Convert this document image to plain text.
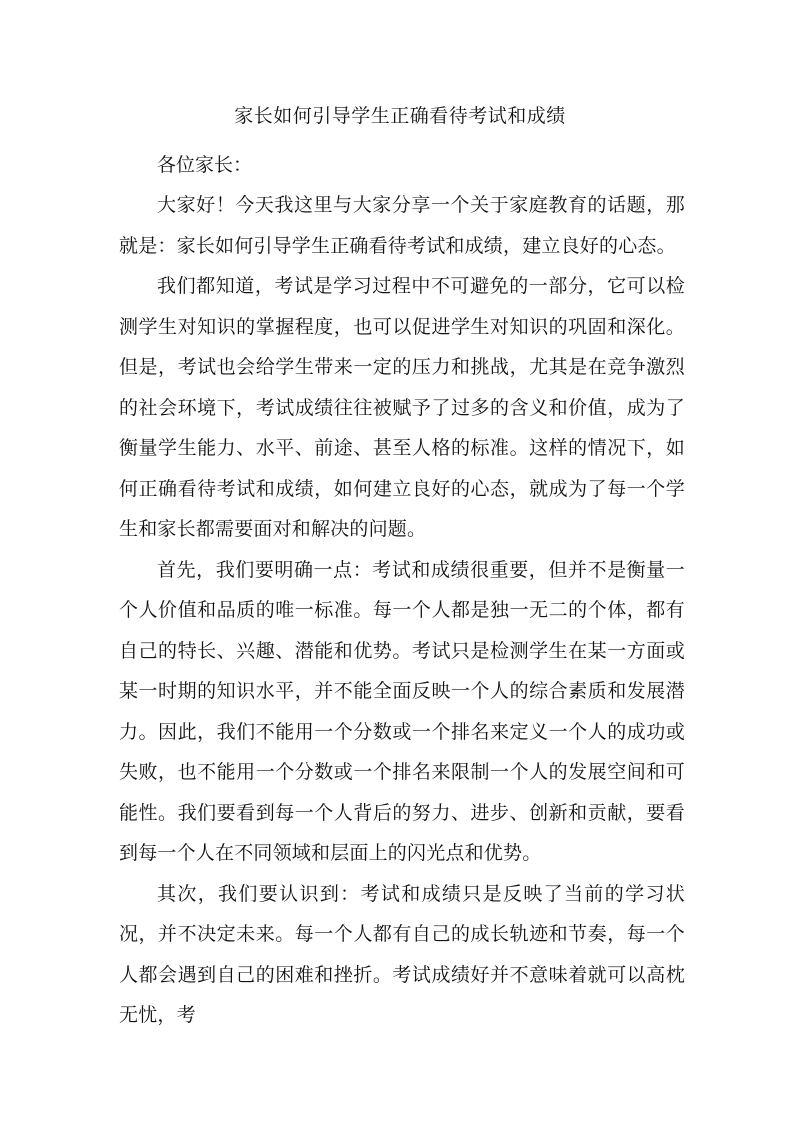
家长如何引导学生正确看待考试和成绩

各位家长：

大家好！今天我这里与大家分享一个关于家庭教育的话题，那就是：家长如何引导学生正确看待考试和成绩，建立良好的心态。

我们都知道，考试是学习过程中不可避免的一部分，它可以检测学生对知识的掌握程度，也可以促进学生对知识的巩固和深化。但是，考试也会给学生带来一定的压力和挑战，尤其是在竞争激烈的社会环境下，考试成绩往往被赋予了过多的含义和价值，成为了衡量学生能力、水平、前途、甚至人格的标准。这样的情况下，如何正确看待考试和成绩，如何建立良好的心态，就成为了每一个学生和家长都需要面对和解决的问题。

首先，我们要明确一点：考试和成绩很重要，但并不是衡量一个人价值和品质的唯一标准。每一个人都是独一无二的个体，都有自己的特长、兴趣、潜能和优势。考试只是检测学生在某一方面或某一时期的知识水平，并不能全面反映一个人的综合素质和发展潜力。因此，我们不能用一个分数或一个排名来定义一个人的成功或失败，也不能用一个分数或一个排名来限制一个人的发展空间和可能性。我们要看到每一个人背后的努力、进步、创新和贡献，要看到每一个人在不同领域和层面上的闪光点和优势。

其次，我们要认识到：考试和成绩只是反映了当前的学习状况，并不决定未来。每一个人都有自己的成长轨迹和节奏，每一个人都会遇到自己的困难和挫折。考试成绩好并不意味着就可以高枕无忧，考
